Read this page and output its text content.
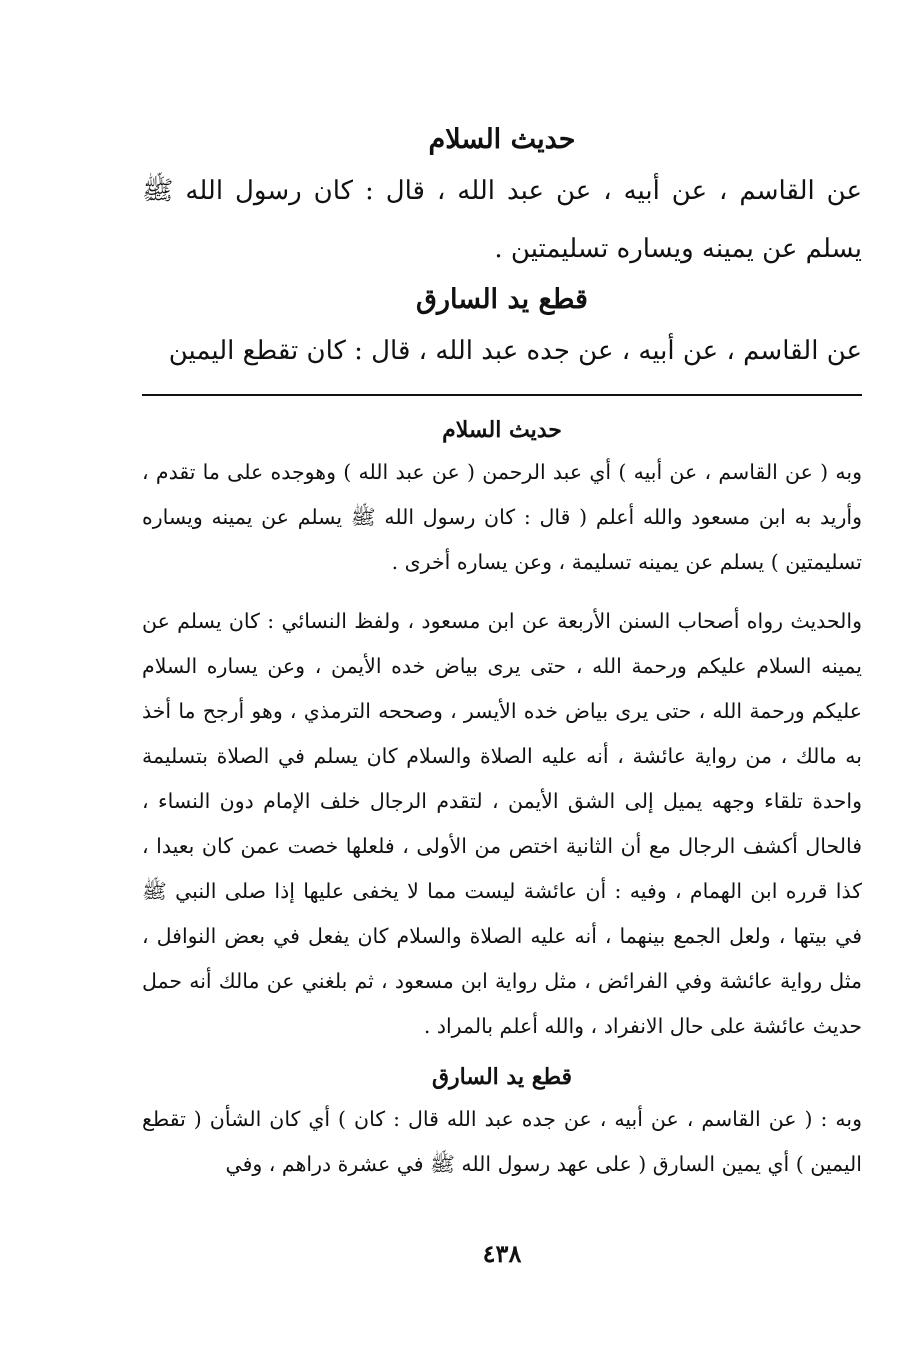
حديث السلام

عن القاسم ، عن أبيه ، عن عبد الله ، قال : كان رسول الله ﷺ يسلم عن يمينه ويساره تسليمتين .

قطع يد السارق

عن القاسم ، عن أبيه ، عن جده عبد الله ، قال : كان تقطع اليمين

حديث السلام

وبه ( عن القاسم ، عن أبيه ) أي عبد الرحمن ( عن عبد الله ) وهوجده على ما تقدم ، وأريد به ابن مسعود والله أعلم ( قال : كان رسول الله ﷺ يسلم عن يمينه ويساره تسليمتين ) يسلم عن يمينه تسليمة ، وعن يساره أخرى .

والحديث رواه أصحاب السنن الأربعة عن ابن مسعود ، ولفظ النسائي : كان يسلم عن يمينه السلام عليكم ورحمة الله ، حتى يرى بياض خده الأيمن ، وعن يساره السلام عليكم ورحمة الله ، حتى يرى بياض خده الأيسر ، وصححه الترمذي ، وهو أرجح ما أخذ به مالك ، من رواية عائشة ، أنه عليه الصلاة والسلام كان يسلم في الصلاة بتسليمة واحدة تلقاء وجهه يميل إلى الشق الأيمن ، لتقدم الرجال خلف الإمام دون النساء ، فالحال أكشف الرجال مع أن الثانية اختص من الأولى ، فلعلها خصت عمن كان بعيدا ، كذا قرره ابن الهمام ، وفيه : أن عائشة ليست مما لا يخفى عليها إذا صلى النبي ﷺ في بيتها ، ولعل الجمع بينهما ، أنه عليه الصلاة والسلام كان يفعل في بعض النوافل ، مثل رواية عائشة وفي الفرائض ، مثل رواية ابن مسعود ، ثم بلغني عن مالك أنه حمل حديث عائشة على حال الانفراد ، والله أعلم بالمراد .

قطع يد السارق

وبه : ( عن القاسم ، عن أبيه ، عن جده عبد الله قال : كان ) أي كان الشأن ( تقطع اليمين ) أي يمين السارق ( على عهد رسول الله ﷺ في عشرة دراهم ، وفي

٤٣٨
